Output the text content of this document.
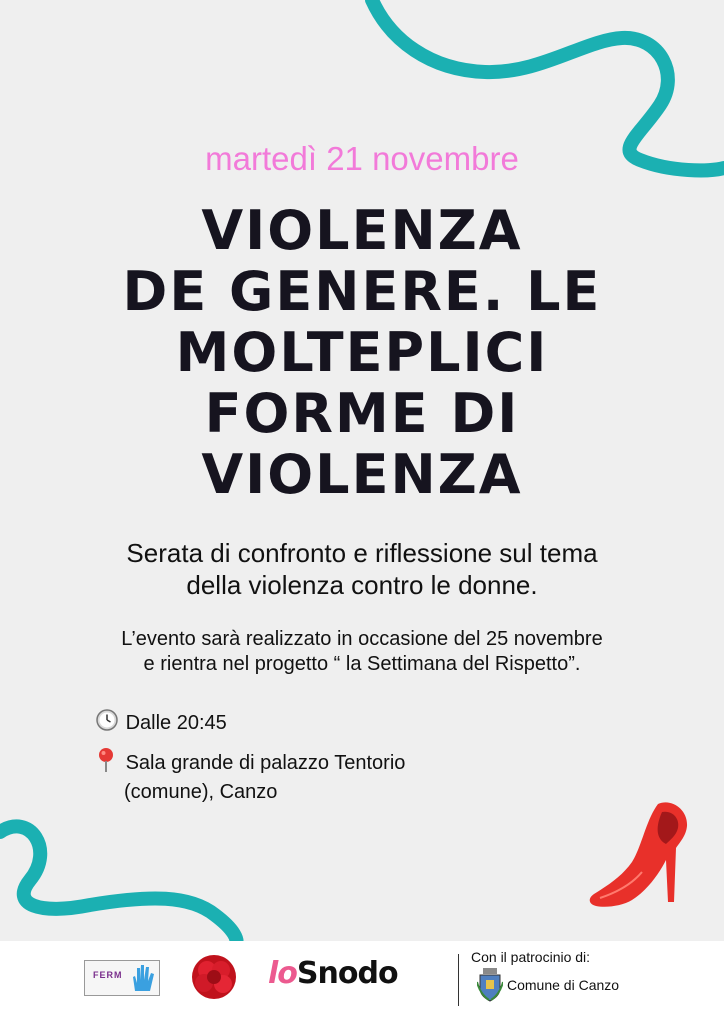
martedì 21 novembre
VIOLENZA
DE GENERE. LE
MOLTEPLICI
FORME DI
VIOLENZA
Serata di confronto e riflessione sul tema
della violenza contro le donne.
L’evento sarà realizzato in occasione del 25 novembre
e rientra nel progetto “ la Settimana del Rispetto”.
Dalle 20:45
Sala grande di palazzo Tentorio
(comune), Canzo
FERM	loSnodo	Con il patrocinio di:
Comune di Canzo
